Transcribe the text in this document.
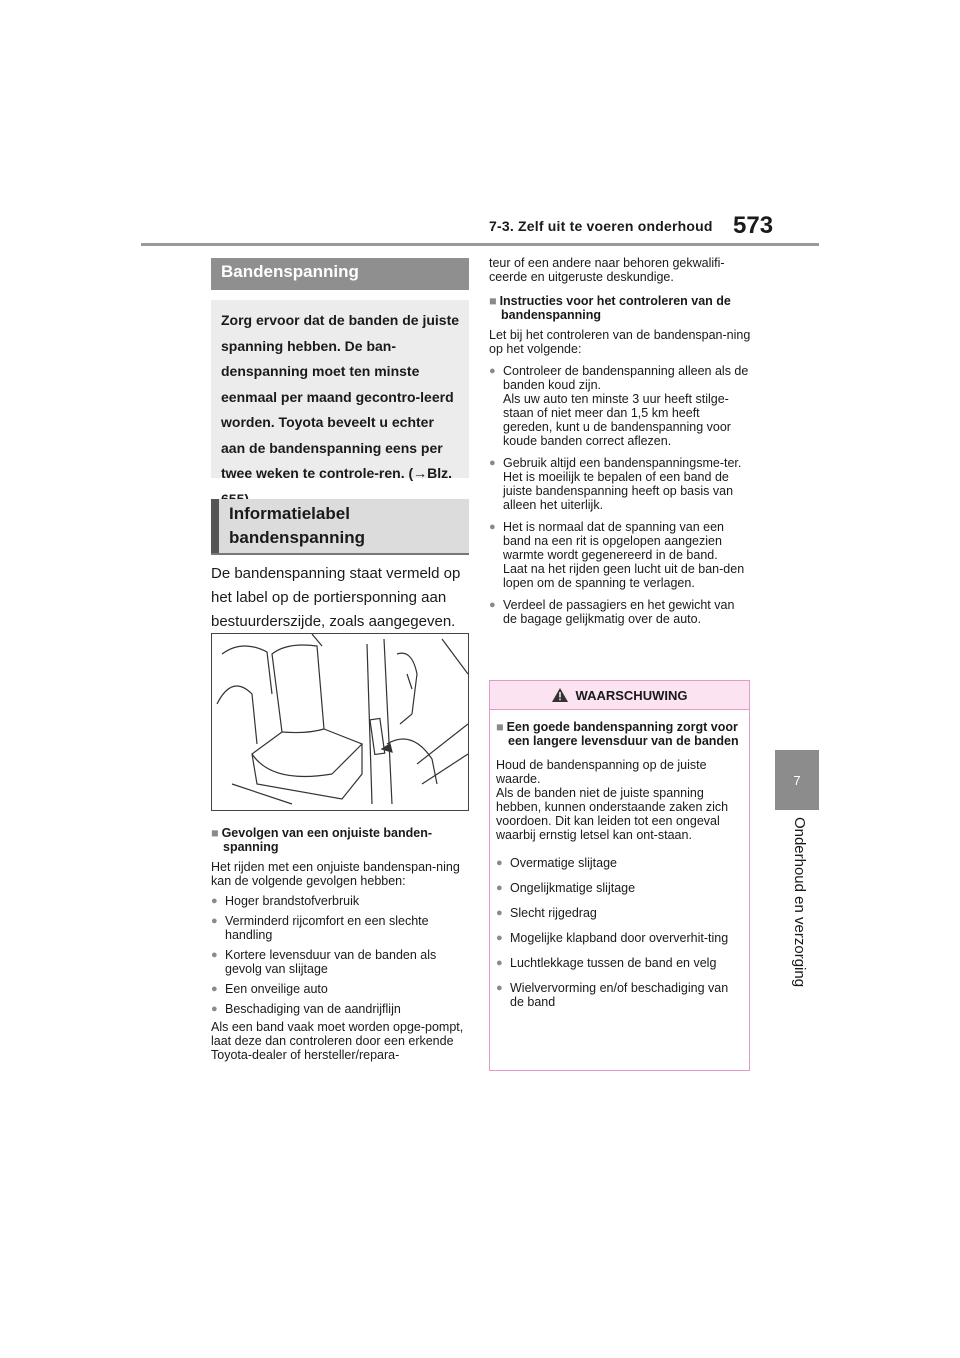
7-3. Zelf uit te voeren onderhoud 573
7
Onderhoud en verzorging
Bandenspanning
Zorg ervoor dat de banden de juiste spanning hebben. De ban-denspanning moet ten minste eenmaal per maand gecontro-leerd worden. Toyota beveelt u echter aan de bandenspanning eens per twee weken te controle-ren. (→Blz.
Informatielabel bandenspanning
De bandenspanning staat vermeld op het label op de portiersponning aan bestuurderszijde, zoals aangegeven.
■ Gevolgen van een onjuiste banden-spanning
Het rijden met een onjuiste bandenspan-ning kan de volgende gevolgen hebben:
● Hoger brandstofverbruik
● Verminderd rijcomfort en een slechte handling
● Kortere levensduur van de banden als gevolg van slijtage
● Een onveilige auto
● Beschadiging van de aandrijflijn
Als een band vaak moet worden opge-pompt, laat deze dan controleren door een erkende Toyota-dealer of hersteller/repara-
teur of een andere naar behoren gekwalifi-ceerde en uitgeruste deskundige.
■ Instructies voor het controleren van de bandenspanning
Let bij het controleren van de bandenspan-ning op het volgende:
● Controleer de bandenspanning alleen als de banden koud zijn.
Als uw auto ten minste 3 uur heeft stilge-staan of niet meer dan 1,5 km heeft gereden, kunt u de bandenspanning voor koude banden correct aflezen.
● Gebruik altijd een bandenspanningsme-ter.
Het is moeilijk te bepalen of een band de juiste bandenspanning heeft op basis van alleen het uiterlijk.
● Het is normaal dat de spanning van een band na een rit is opgelopen aangezien warmte wordt gegenereerd in de band.
Laat na het rijden geen lucht uit de ban-den lopen om de spanning te verlagen.
● Verdeel de passagiers en het gewicht van de bagage gelijkmatig over de auto.
WAARSCHUWING
■ Een goede bandenspanning zorgt voor een langere levensduur van de banden
Houd de bandenspanning op de juiste waarde.
Als de banden niet de juiste spanning hebben, kunnen onderstaande zaken zich voordoen. Dit kan leiden tot een ongeval waarbij ernstig letsel kan ont-staan.
● Overmatige slijtage
● Ongelijkmatige slijtage
● Slecht rijgedrag
● Mogelijke klapband door oververhit-ting
● Luchtlekkage tussen de band en velg
● Wielvervorming en/of beschadiging van de band
